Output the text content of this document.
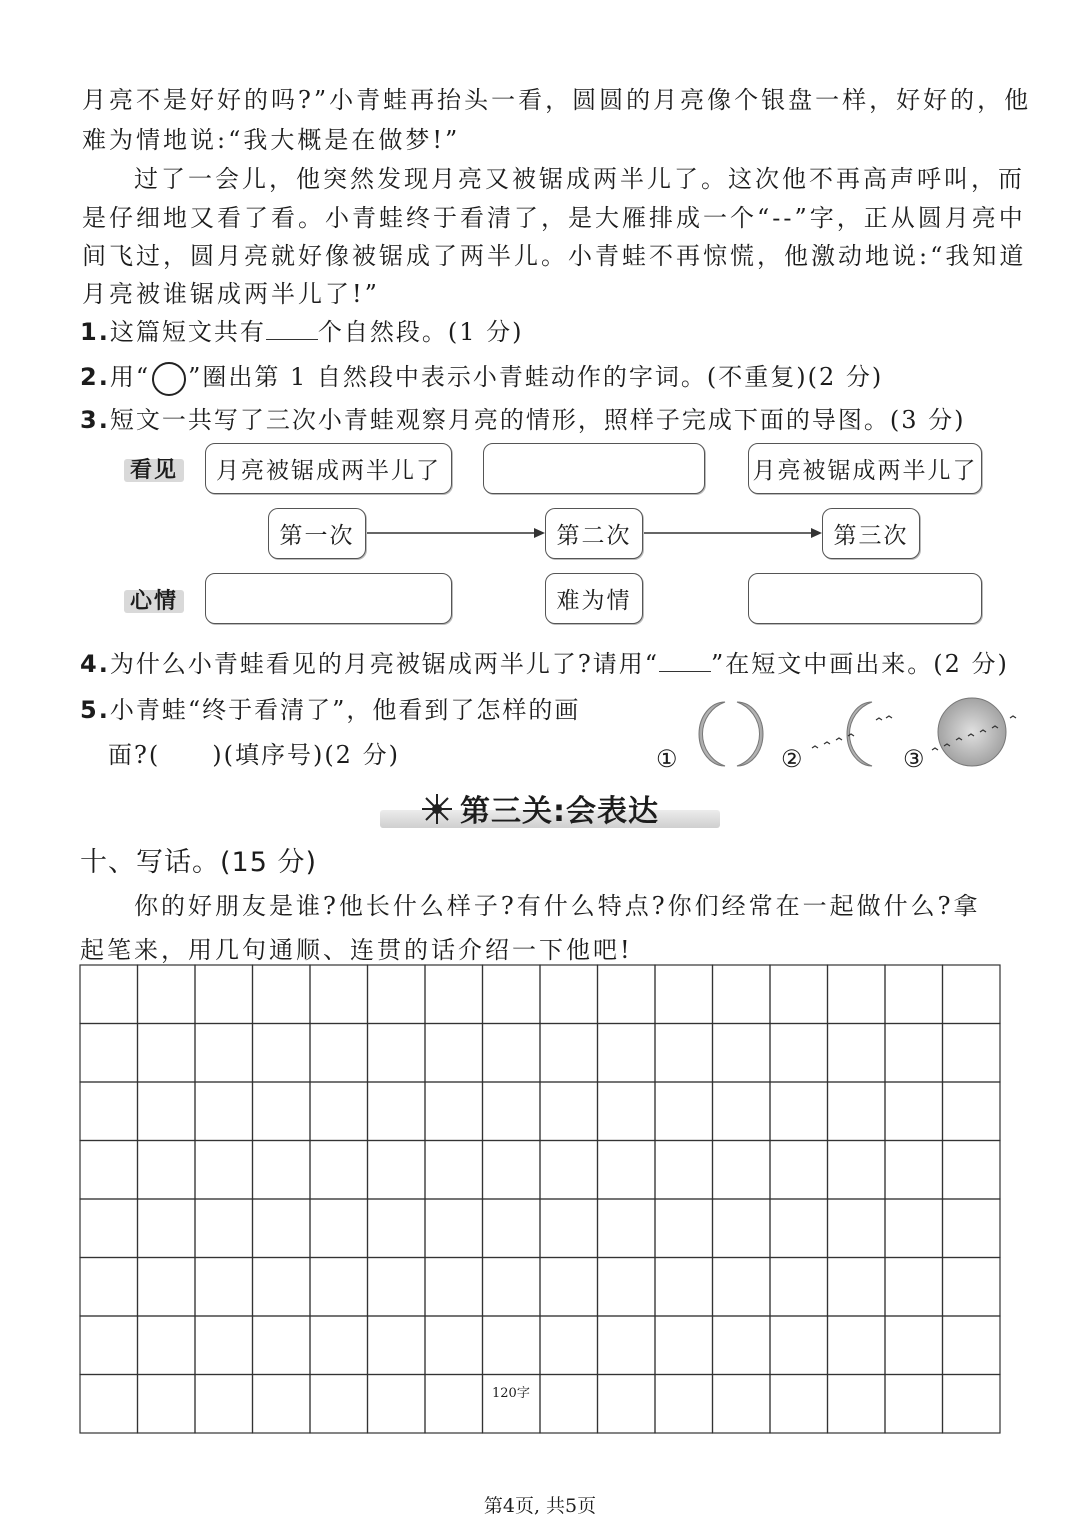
月亮不是好好的吗?”小青蛙再抬头一看，圆圆的月亮像个银盘一样，好好的，他
难为情地说:“我大概是在做梦!”
过了一会儿，他突然发现月亮又被锯成两半儿了。这次他不再高声呼叫，而
是仔细地又看了看。小青蛙终于看清了，是大雁排成一个“--”字，正从圆月亮中
间飞过，圆月亮就好像被锯成了两半儿。小青蛙不再惊慌，他激动地说:“我知道
月亮被谁锯成两半儿了!”
1.这篇短文共有 个自然段。(1 分)
2.用“ ”圈出第 1 自然段中表示小青蛙动作的字词。(不重复)(2 分)
3.短文一共写了三次小青蛙观察月亮的情形，照样子完成下面的导图。(3 分)
看见
心情
月亮被锯成两半儿了	月亮被锯成两半儿了
第一次	第二次	第三次
难为情
4.为什么小青蛙看见的月亮被锯成两半儿了?请用“ ”在短文中画出来。(2 分)
5.小青蛙“终于看清了”，他看到了怎样的画
面?(　　)(填序号)(2 分)	①	②	③
第三关:会表达
十、写话。(15 分)
你的好朋友是谁?他长什么样子?有什么特点?你们经常在一起做什么?拿
起笔来，用几句通顺、连贯的话介绍一下他吧!
120字
第4页, 共5页
